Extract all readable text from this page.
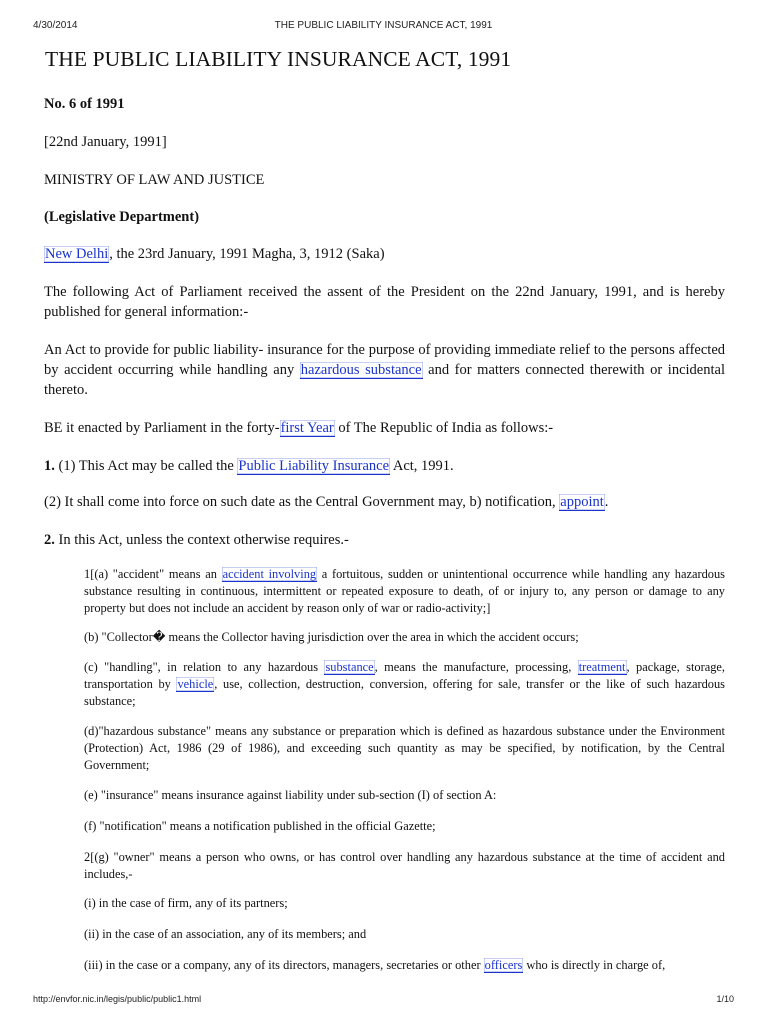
4/30/2014	THE PUBLIC LIABILITY INSURANCE ACT, 1991
THE PUBLIC LIABILITY INSURANCE ACT, 1991
No. 6 of 1991
[22nd January, 1991]
MINISTRY OF LAW AND JUSTICE
(Legislative Department)
New Delhi, the 23rd January, 1991 Magha, 3, 1912 (Saka)
The following Act of Parliament received the assent of the President on the 22nd January, 1991, and is hereby published for general information:-
An Act to provide for public liability- insurance for the purpose of providing immediate relief to the persons affected by accident occurring while handling any hazardous substance and for matters connected therewith or incidental thereto.
BE it enacted by Parliament in the forty-first Year of The Republic of India as follows:-
1. (1) This Act may be called the Public Liability Insurance Act, 1991.
(2) It shall come into force on such date as the Central Government may, b) notification, appoint.
2. In this Act, unless the context otherwise requires.-
1[(a) "accident" means an accident involving a fortuitous, sudden or unintentional occurrence while handling any hazardous substance resulting in continuous, intermittent or repeated exposure to death, of or injury to, any person or damage to any property but does not include an accident by reason only of war or radio-activity;]
(b) "Collector� means the Collector having jurisdiction over the area in which the accident occurs;
(c) "handling", in relation to any hazardous substance, means the manufacture, processing, treatment, package, storage, transportation by vehicle, use, collection, destruction, conversion, offering for sale, transfer or the like of such hazardous substance;
(d)"hazardous substance" means any substance or preparation which is defined as hazardous substance under the Environment (Protection) Act, 1986 (29 of 1986), and exceeding such quantity as may be specified, by notification, by the Central Government;
(e) "insurance" means insurance against liability under sub-section (I) of section A:
(f) "notification" means a notification published in the official Gazette;
2[(g) "owner" means a person who owns, or has control over handling any hazardous substance at the time of accident and includes,-
(i) in the case of firm, any of its partners;
(ii) in the case of an association, any of its members; and
(iii) in the case or a company, any of its directors, managers, secretaries or other officers who is directly in charge of,
http://envfor.nic.in/legis/public/public1.html	1/10
